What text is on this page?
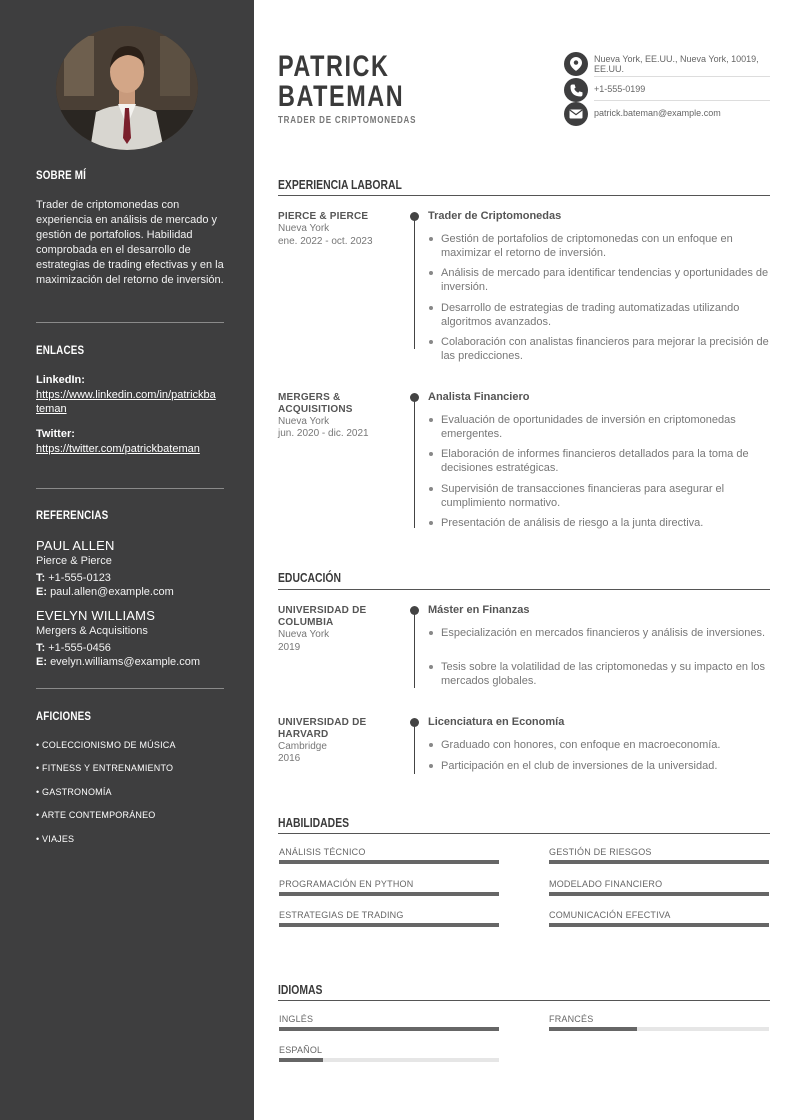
SOBRE MÍ
Trader de criptomonedas con experiencia en análisis de mercado y gestión de portafolios. Habilidad comprobada en el desarrollo de estrategias de trading efectivas y en la maximización del retorno de inversión.
ENLACES
LinkedIn:
https://www.linkedin.com/in/patrickbateman
Twitter:
https://twitter.com/patrickbateman
REFERENCIAS
PAUL ALLEN
Pierce & Pierce
T: +1-555-0123
E: paul.allen@example.com
EVELYN WILLIAMS
Mergers & Acquisitions
T: +1-555-0456
E: evelyn.williams@example.com
AFICIONES
• COLECCIONISMO DE MÚSICA
• FITNESS Y ENTRENAMIENTO
• GASTRONOMÍA
• ARTE CONTEMPORÁNEO
• VIAJES
PATRICK
BATEMAN
TRADER DE CRIPTOMONEDAS
Nueva York, EE.UU., Nueva York, 10019, EE.UU.
+1-555-0199
patrick.bateman@example.com
EXPERIENCIA LABORAL
PIERCE & PIERCE
Nueva York
ene. 2022 - oct. 2023
Trader de Criptomonedas
Gestión de portafolios de criptomonedas con un enfoque en maximizar el retorno de inversión.
Análisis de mercado para identificar tendencias y oportunidades de inversión.
Desarrollo de estrategias de trading automatizadas utilizando algoritmos avanzados.
Colaboración con analistas financieros para mejorar la precisión de las predicciones.
MERGERS & ACQUISITIONS
Nueva York
jun. 2020 - dic. 2021
Analista Financiero
Evaluación de oportunidades de inversión en criptomonedas emergentes.
Elaboración de informes financieros detallados para la toma de decisiones estratégicas.
Supervisión de transacciones financieras para asegurar el cumplimiento normativo.
Presentación de análisis de riesgo a la junta directiva.
EDUCACIÓN
UNIVERSIDAD DE COLUMBIA
Nueva York
2019
Máster en Finanzas
Especialización en mercados financieros y análisis de inversiones.
Tesis sobre la volatilidad de las criptomonedas y su impacto en los mercados globales.
UNIVERSIDAD DE HARVARD
Cambridge
2016
Licenciatura en Economía
Graduado con honores, con enfoque en macroeconomía.
Participación en el club de inversiones de la universidad.
HABILIDADES
ANÁLISIS TÉCNICO	GESTIÓN DE RIESGOS
PROGRAMACIÓN EN PYTHON	MODELADO FINANCIERO
ESTRATEGIAS DE TRADING	COMUNICACIÓN EFECTIVA
IDIOMAS
INGLÉS	FRANCÉS
ESPAÑOL
